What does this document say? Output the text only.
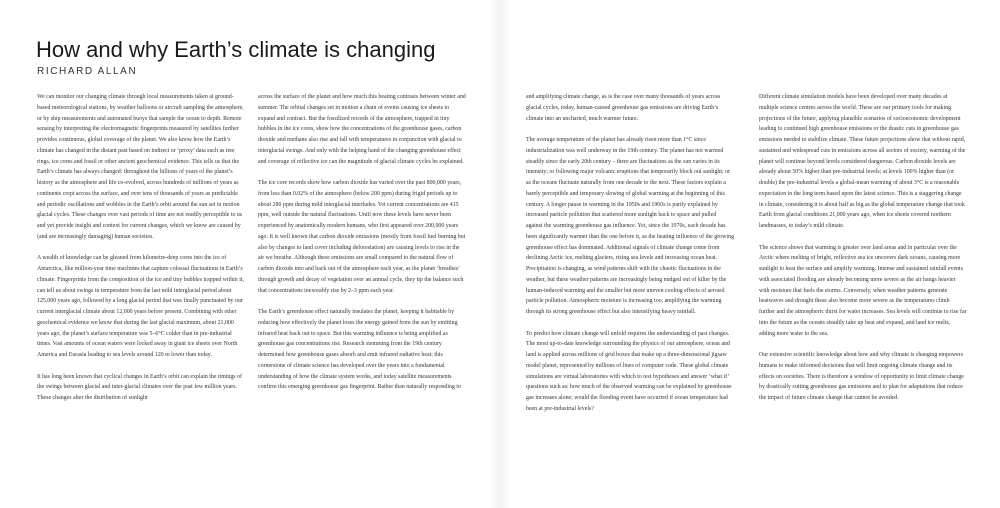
How and why Earth’s climate is changing
RICHARD ALLAN

We can monitor our changing climate through local measurements taken at ground-based meteorological stations, by weather balloons or aircraft sampling the atmosphere, or by ship measurements and automated buoys that sample the ocean to depth. Remote sensing by interpreting the electromagnetic fingerprints measured by satellites further provides continuous, global coverage of the planet. We also know how the Earth’s climate has changed in the distant past based on indirect or ‘proxy’ data such as tree rings, ice cores and fossil or other ancient geochemical evidence. This tells us that the Earth’s climate has always changed: throughout the billions of years of the planet’s history as the atmosphere and life co-evolved, across hundreds of millions of years as continents crept across the surface, and over tens of thousands of years as predictable and periodic oscillations and wobbles in the Earth’s orbit around the sun set in motion glacial cycles. These changes over vast periods of time are not readily perceptible to us and yet provide insight and context for current changes, which we know are caused by (and are increasingly damaging) human societies.

A wealth of knowledge can be gleaned from kilometre-deep cores into the ice of Antarctica, like million-year time machines that capture colossal fluctuations in Earth’s climate. Fingerprints from the composition of the ice and tiny bubbles trapped within it, can tell us about swings in temperature from the last mild interglacial period about 125,000 years ago, followed by a long glacial period that was finally punctuated by our current interglacial climate about 12,000 years before present. Combining with other geochemical evidence we know that during the last glacial maximum, about 21,000 years ago, the planet’s surface temperature was 5–6°C colder than in pre-industrial times. Vast amounts of ocean waters were locked away in giant ice sheets over North America and Eurasia leading to sea levels around 120 m lower than today.

It has long been known that cyclical changes in Earth’s orbit can explain the timings of the swings between glacial and inter-glacial climates over the past few million years. These changes alter the distribution of sunlight

across the surface of the planet and how much this heating contrasts between winter and summer. The orbital changes set in motion a chain of events causing ice sheets to expand and contract. But the fossilized records of the atmosphere, trapped in tiny bubbles in the ice cores, show how the concentrations of the greenhouse gases, carbon dioxide and methane also rise and fall with temperatures in conjunction with glacial to interglacial swings. And only with the helping hand of the changing greenhouse effect and coverage of reflective ice can the magnitude of glacial climate cycles be explained.

The ice core records show how carbon dioxide has varied over the past 800,000 years, from less than 0.02% of the atmosphere (below 200 ppm) during frigid periods up to about 280 ppm during mild interglacial interludes. Yet current concentrations are 415 ppm, well outside the natural fluctuations. Until now these levels have never been experienced by anatomically modern humans, who first appeared over 200,000 years ago. It is well known that carbon dioxide emissions (mostly from fossil fuel burning but also by changes to land cover including deforestation) are causing levels to rise in the air we breathe. Although these emissions are small compared to the natural flow of carbon dioxide into and back out of the atmosphere each year, as the planet ‘breathes’ through growth and decay of vegetation over an annual cycle, they tip the balance such that concentrations inexorably rise by 2–3 ppm each year.

The Earth’s greenhouse effect naturally insulates the planet, keeping it habitable by reducing how effectively the planet loses the energy gained from the sun by emitting infrared heat back out to space. But this warming influence is being amplified as greenhouse gas concentrations rise. Research stemming from the 19th century determined how greenhouse gases absorb and emit infrared radiative heat; this cornerstone of climate science has developed over the years into a fundamental understanding of how the climate system works, and today satellite measurements confirm this emerging greenhouse gas fingerprint. Rather than naturally responding to

and amplifying climate change, as is the case over many thousands of years across glacial cycles, today, human-caused greenhouse gas emissions are driving Earth’s climate into an uncharted, much warmer future.

The average temperature of the planet has already risen more than 1°C since industrialization was well underway in the 19th century. The planet has not warmed steadily since the early 20th century – there are fluctuations as the sun varies in its intensity; or following major volcanic eruptions that temporarily block out sunlight; or as the oceans fluctuate naturally from one decade to the next. These factors explain a barely perceptible and temporary slowing of global warming at the beginning of this century. A longer pause in warming in the 1950s and 1960s is partly explained by increased particle pollution that scattered more sunlight back to space and pulled against the warming greenhouse gas influence. Yet, since the 1970s, each decade has been significantly warmer than the one before it, as the heating influence of the growing greenhouse effect has dominated. Additional signals of climate change come from declining Arctic ice, melting glaciers, rising sea levels and increasing ocean heat. Precipitation is changing, as wind patterns shift with the chaotic fluctuations in the weather, but these weather patterns are increasingly being nudged out of kilter by the human-induced warming and the smaller but more uneven cooling effects of aerosol particle pollution. Atmospheric moisture is increasing too, amplifying the warming through its strong greenhouse effect but also intensifying heavy rainfall.

To predict how climate change will unfold requires the understanding of past changes. The most up-to-date knowledge surrounding the physics of our atmosphere, ocean and land is applied across millions of grid boxes that make up a three-dimensional jigsaw model planet, represented by millions of lines of computer code. These global climate simulations are virtual laboratories with which to test hypotheses and answer ‘what if’ questions such as: how much of the observed warming can be explained by greenhouse gas increases alone; would the flooding event have occurred if ocean temperature had been at pre-industrial levels?

Different climate simulation models have been developed over many decades at multiple science centres across the world. These are our primary tools for making projections of the future, applying plausible scenarios of socioeconomic development leading to continued high greenhouse emissions or the drastic cuts in greenhouse gas emissions needed to stabilize climate. These future projections show that without rapid, sustained and widespread cuts in emissions across all sectors of society, warming of the planet will continue beyond levels considered dangerous. Carbon dioxide levels are already about 50% higher than pre-industrial levels; at levels 100% higher than (or double) the pre-industrial levels a global-mean warming of about 3°C is a reasonable expectation in the long term based upon the latest science. This is a staggering change in climate, considering it is about half as big as the global temperature change that took Earth from glacial conditions 21,000 years ago, when ice sheets covered northern landmasses, to today’s mild climate.

The science shows that warming is greater over land areas and in particular over the Arctic where melting of bright, reflective sea ice uncovers dark oceans, causing more sunlight to heat the surface and amplify warming. Intense and sustained rainfall events with associated flooding are already becoming more severe as the air hangs heavier with moisture that fuels the storms. Conversely, when weather patterns generate heatwaves and drought these also become more severe as the temperatures climb further and the atmospheric thirst for water increases. Sea levels will continue to rise far into the future as the oceans steadily take up heat and expand, and land ice melts, adding more water to the sea.

Our extensive scientific knowledge about how and why climate is changing empowers humans to make informed decisions that will limit ongoing climate change and its effects on societies. There is therefore a window of opportunity to limit climate change by drastically cutting greenhouse gas emissions and to plan for adaptations that reduce the impact of future climate change that cannot be avoided.
